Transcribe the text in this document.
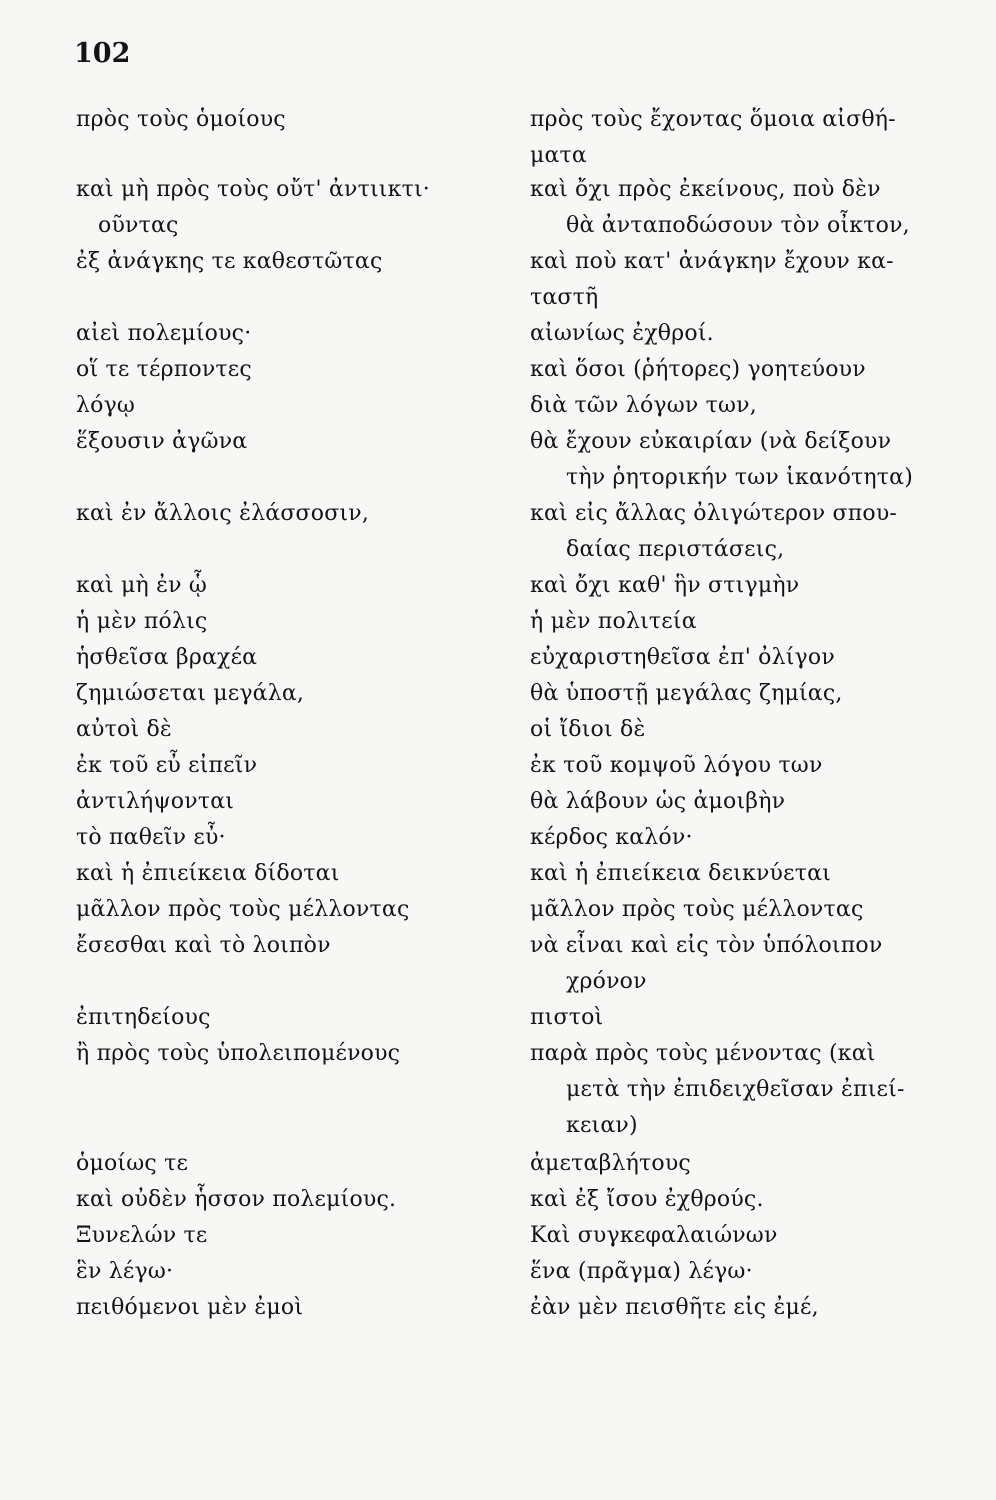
102
πρὸς τοὺς ὁμοίους
καὶ μὴ πρὸς τοὺς οὔτ' ἀντιικτι·
οῦντας
ἐξ ἀνάγκης τε καθεστῶτας
αἰεὶ πολεμίους·
οἵ τε τέρποντες
λόγῳ
ἕξουσιν ἀγῶνα
καὶ ἐν ἄλλοις ἐλάσσοσιν,
καὶ μὴ ἐν ᾧ
ἡ μὲν πόλις
ἡσθεῖσα βραχέα
ζημιώσεται μεγάλα,
αὐτοὶ δὲ
ἐκ τοῦ εὖ εἰπεῖν
ἀντιλήψονται
τὸ παθεῖν εὖ·
καὶ ἡ ἐπιείκεια δίδοται
μᾶλλον πρὸς τοὺς μέλλοντας
ἔσεσθαι καὶ τὸ λοιπὸν
ἐπιτηδείους
ἢ πρὸς τοὺς ὑπολειπομένους
ὁμοίως τε
καὶ οὐδὲν ἧσσον πολεμίους.
Ξυνελών τε
ἓν λέγω·
πειθόμενοι μὲν ἐμοὶ
πρὸς τοὺς ἔχοντας ὅμοια αἰσθή-
ματα
καὶ ὄχι πρὸς ἐκείνους, ποὺ δὲν
θὰ ἀνταποδώσουν τὸν οἶκτον,
καὶ ποὺ κατ' ἀνάγκην ἔχουν κα-
ταστῆ
αἰωνίως ἐχθροί.
καὶ ὅσοι (ῥήτορες) γοητεύουν
διὰ τῶν λόγων των,
θὰ ἔχουν εὐκαιρίαν (νὰ δείξουν
τὴν ῥητορικήν των ἱκανότητα)
καὶ εἰς ἄλλας ὀλιγώτερον σπου-
δαίας περιστάσεις,
καὶ ὄχι καθ' ἣν στιγμὴν
ἡ μὲν πολιτεία
εὐχαριστηθεῖσα ἐπ' ὀλίγον
θὰ ὑποστῇ μεγάλας ζημίας,
οἱ ἴδιοι δὲ
ἐκ τοῦ κομψοῦ λόγου των
θὰ λάβουν ὡς ἀμοιβὴν
κέρδος καλόν·
καὶ ἡ ἐπιείκεια δεικνύεται
μᾶλλον πρὸς τοὺς μέλλοντας
νὰ εἶναι καὶ εἰς τὸν ὑπόλοιπον
χρόνον
πιστοὶ
παρὰ πρὸς τοὺς μένοντας (καὶ
μετὰ τὴν ἐπιδειχθεῖσαν ἐπιεί-
κειαν)
ἀμεταβλήτους
καὶ ἐξ ἴσου ἐχθρούς.
Καὶ συγκεφαλαιώνων
ἕνα (πρᾶγμα) λέγω·
ἐὰν μὲν πεισθῆτε εἰς ἐμέ,
